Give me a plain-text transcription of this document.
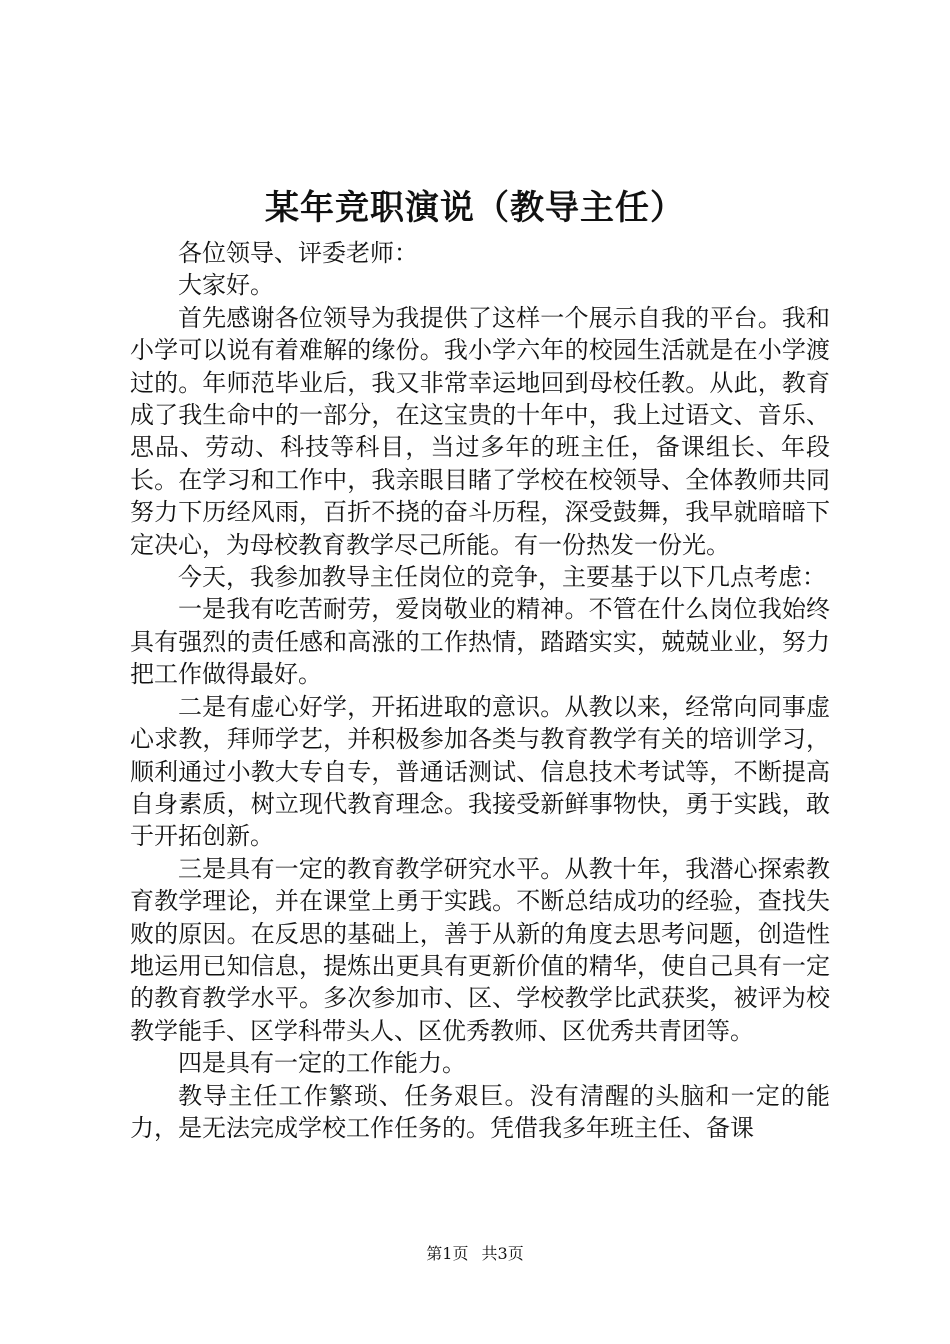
某年竞职演说（教导主任）

各位领导、评委老师：

大家好。

首先感谢各位领导为我提供了这样一个展示自我的平台。我和小学可以说有着难解的缘份。我小学六年的校园生活就是在小学渡过的。年师范毕业后，我又非常幸运地回到母校任教。从此，教育成了我生命中的一部分，在这宝贵的十年中，我上过语文、音乐、思品、劳动、科技等科目，当过多年的班主任，备课组长、年段长。在学习和工作中，我亲眼目睹了学校在校领导、全体教师共同努力下历经风雨，百折不挠的奋斗历程，深受鼓舞，我早就暗暗下定决心，为母校教育教学尽己所能。有一份热发一份光。

今天，我参加教导主任岗位的竞争，主要基于以下几点考虑：

一是我有吃苦耐劳，爱岗敬业的精神。不管在什么岗位我始终具有强烈的责任感和高涨的工作热情，踏踏实实，兢兢业业，努力把工作做得最好。

二是有虚心好学，开拓进取的意识。从教以来，经常向同事虚心求教，拜师学艺，并积极参加各类与教育教学有关的培训学习，顺利通过小教大专自专，普通话测试、信息技术考试等，不断提高自身素质，树立现代教育理念。我接受新鲜事物快，勇于实践，敢于开拓创新。

三是具有一定的教育教学研究水平。从教十年，我潜心探索教育教学理论，并在课堂上勇于实践。不断总结成功的经验，查找失败的原因。在反思的基础上，善于从新的角度去思考问题，创造性地运用已知信息，提炼出更具有更新价值的精华，使自己具有一定的教育教学水平。多次参加市、区、学校教学比武获奖，被评为校教学能手、区学科带头人、区优秀教师、区优秀共青团等。

四是具有一定的工作能力。

教导主任工作繁琐、任务艰巨。没有清醒的头脑和一定的能力，是无法完成学校工作任务的。凭借我多年班主任、备课

第1页 共3页
